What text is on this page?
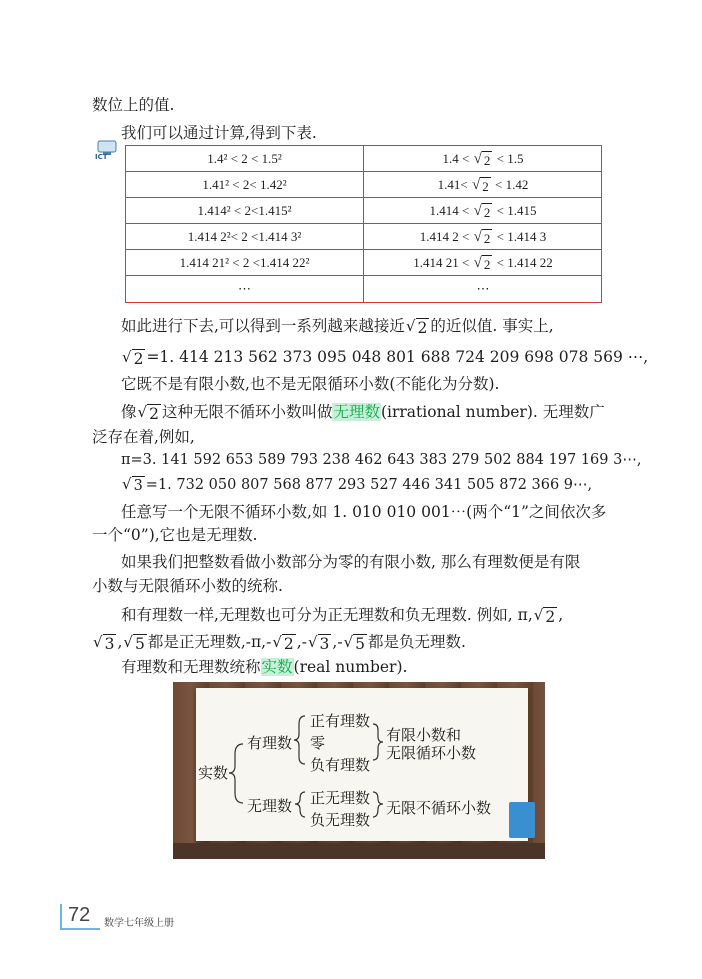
数位上的值.
我们可以通过计算,得到下表.
ICT	1.4² < 2 < 1.5²
1.41² < 2< 1.42²
1.414² < 2<1.415²
1.414 2²< 2 <1.414 3²
1.414 21² < 2 <1.414 22²
⋯
1.4 < √ 2 < 1.5
1.41< √ 2 < 1.42
1.414 < √ 2 < 1.415
1.414 2 < √ 2 < 1.414 3
1.414 21 < √ 2 < 1.414 22
⋯
如此进行下去,可以得到一系列越来越接近 √ 2 的近似值. 事实上,
√ 2 =1. 414 213 562 373 095 048 801 688 724 209 698 078 569 ⋯,
它既不是有限小数,也不是无限循环小数(不能化为分数).
像 √ 2 这种无限不循环小数叫做无理数(irrational number). 无理数广
泛存在着,例如,
π=3. 141 592 653 589 793 238 462 643 383 279 502 884 197 169 3⋯,
√ 3 =1. 732 050 807 568 877 293 527 446 341 505 872 366 9⋯,
任意写一个无限不循环小数,如 1. 010 010 001⋯(两个“1”之间依次多
一个“0”),它也是无理数.
如果我们把整数看做小数部分为零的有限小数, 那么有理数便是有限
小数与无限循环小数的统称.
和有理数一样,无理数也可分为正无理数和负无理数. 例如, π, √ 2 ,
√ 3 , √ 5 都是正无理数,-π,- √ 2 ,- √ 3 ,- √ 5 都是负无理数.
有理数和无理数统称实数(real number).
实数
有理数
无理数
正有理数
零
负有理数
有限小数和
无限循环小数
正无理数
负无理数
无限不循环小数
72	数学七年级上册
